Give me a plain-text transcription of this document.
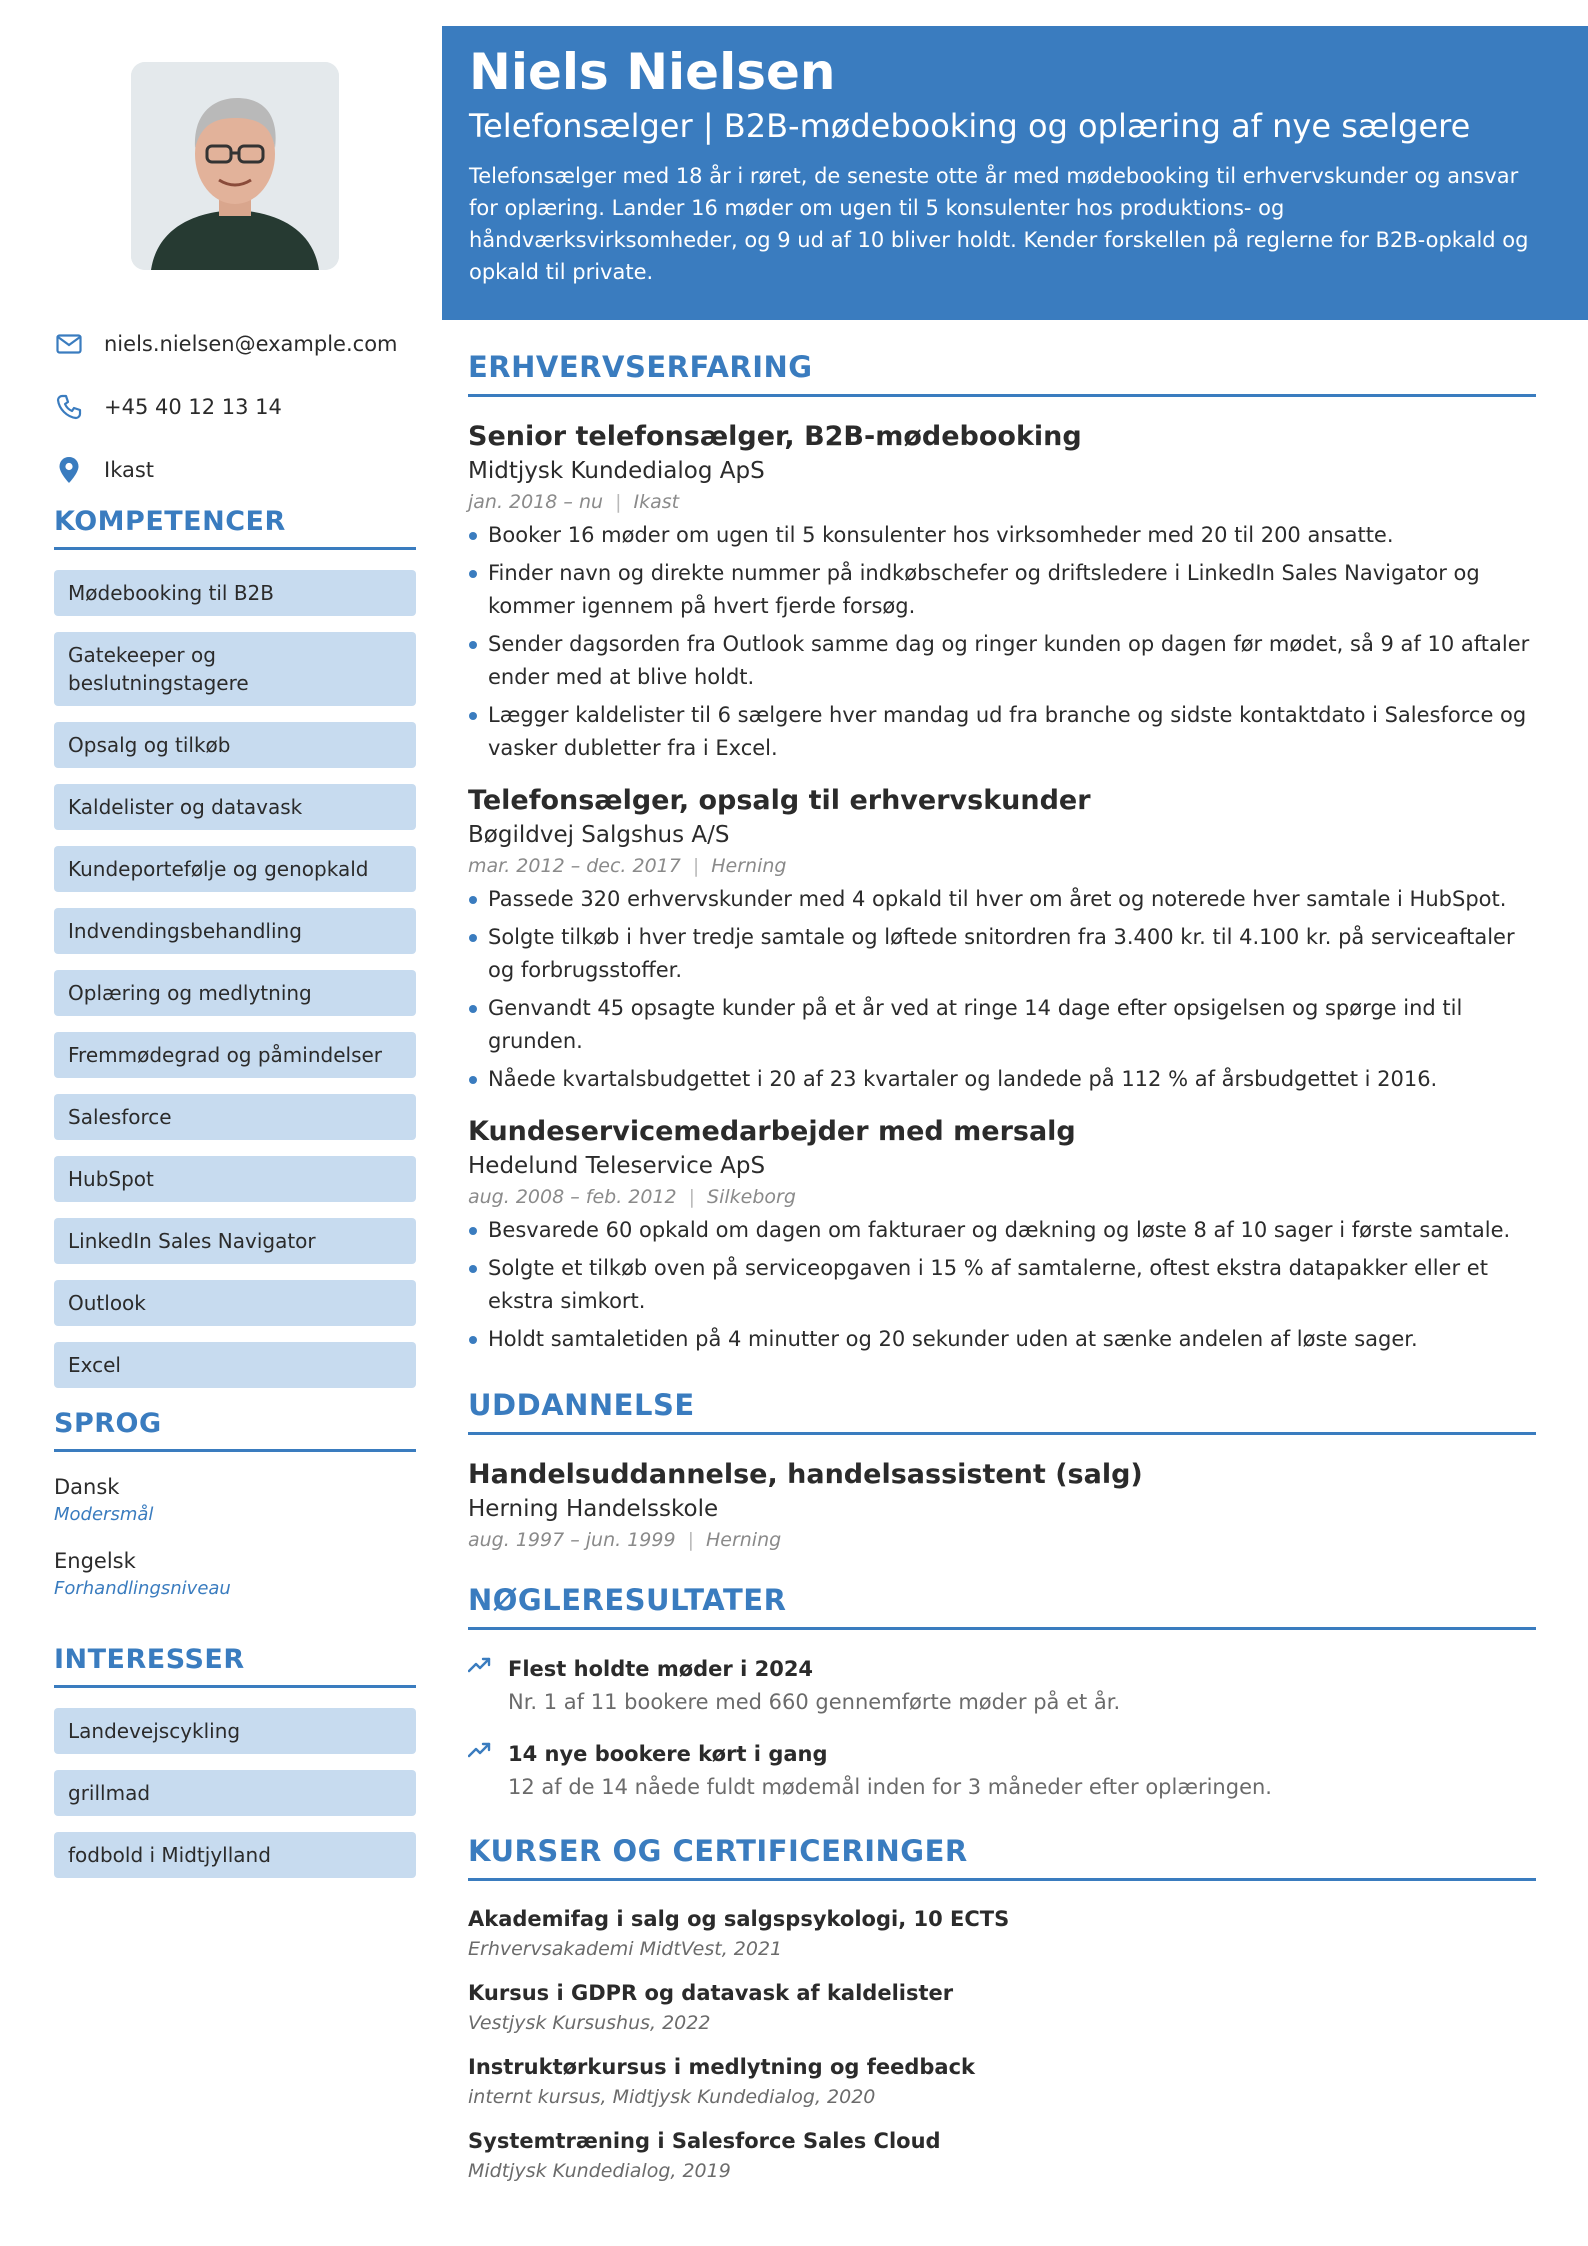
niels.nielsen@example.com
+45 40 12 13 14
Ikast
KOMPETENCER
Mødebooking til B2B
Gatekeeper og beslutningstagere
Opsalg og tilkøb
Kaldelister og datavask
Kundeportefølje og genopkald
Indvendingsbehandling
Oplæring og medlytning
Fremmødegrad og påmindelser
Salesforce
HubSpot
LinkedIn Sales Navigator
Outlook
Excel
SPROG
Dansk
Modersmål
Engelsk
Forhandlingsniveau
INTERESSER
Landevejscykling
grillmad
fodbold i Midtjylland
Niels Nielsen
Telefonsælger | B2B-mødebooking og oplæring af nye sælgere
Telefonsælger med 18 år i røret, de seneste otte år med mødebooking til erhvervskunder og ansvar for oplæring. Lander 16 møder om ugen til 5 konsulenter hos produktions- og håndværksvirksomheder, og 9 ud af 10 bliver holdt. Kender forskellen på reglerne for B2B-opkald og opkald til private.
ERHVERVSERFARING
Senior telefonsælger, B2B-mødebooking
Midtjysk Kundedialog ApS
jan. 2018 – nu | Ikast
Booker 16 møder om ugen til 5 konsulenter hos virksomheder med 20 til 200 ansatte.
Finder navn og direkte nummer på indkøbschefer og driftsledere i LinkedIn Sales Navigator og kommer igennem på hvert fjerde forsøg.
Sender dagsorden fra Outlook samme dag og ringer kunden op dagen før mødet, så 9 af 10 aftaler ender med at blive holdt.
Lægger kaldelister til 6 sælgere hver mandag ud fra branche og sidste kontaktdato i Salesforce og vasker dubletter fra i Excel.
Telefonsælger, opsalg til erhvervskunder
Bøgildvej Salgshus A/S
mar. 2012 – dec. 2017 | Herning
Passede 320 erhvervskunder med 4 opkald til hver om året og noterede hver samtale i HubSpot.
Solgte tilkøb i hver tredje samtale og løftede snitordren fra 3.400 kr. til 4.100 kr. på serviceaftaler og forbrugsstoffer.
Genvandt 45 opsagte kunder på et år ved at ringe 14 dage efter opsigelsen og spørge ind til grunden.
Nåede kvartalsbudgettet i 20 af 23 kvartaler og landede på 112 % af årsbudgettet i 2016.
Kundeservicemedarbejder med mersalg
Hedelund Teleservice ApS
aug. 2008 – feb. 2012 | Silkeborg
Besvarede 60 opkald om dagen om fakturaer og dækning og løste 8 af 10 sager i første samtale.
Solgte et tilkøb oven på serviceopgaven i 15 % af samtalerne, oftest ekstra datapakker eller et ekstra simkort.
Holdt samtaletiden på 4 minutter og 20 sekunder uden at sænke andelen af løste sager.
UDDANNELSE
Handelsuddannelse, handelsassistent (salg)
Herning Handelsskole
aug. 1997 – jun. 1999 | Herning
NØGLERESULTATER
Flest holdte møder i 2024
Nr. 1 af 11 bookere med 660 gennemførte møder på et år.
14 nye bookere kørt i gang
12 af de 14 nåede fuldt mødemål inden for 3 måneder efter oplæringen.
KURSER OG CERTIFICERINGER
Akademifag i salg og salgspsykologi, 10 ECTS
Erhvervsakademi MidtVest, 2021
Kursus i GDPR og datavask af kaldelister
Vestjysk Kursushus, 2022
Instruktørkursus i medlytning og feedback
internt kursus, Midtjysk Kundedialog, 2020
Systemtræning i Salesforce Sales Cloud
Midtjysk Kundedialog, 2019
